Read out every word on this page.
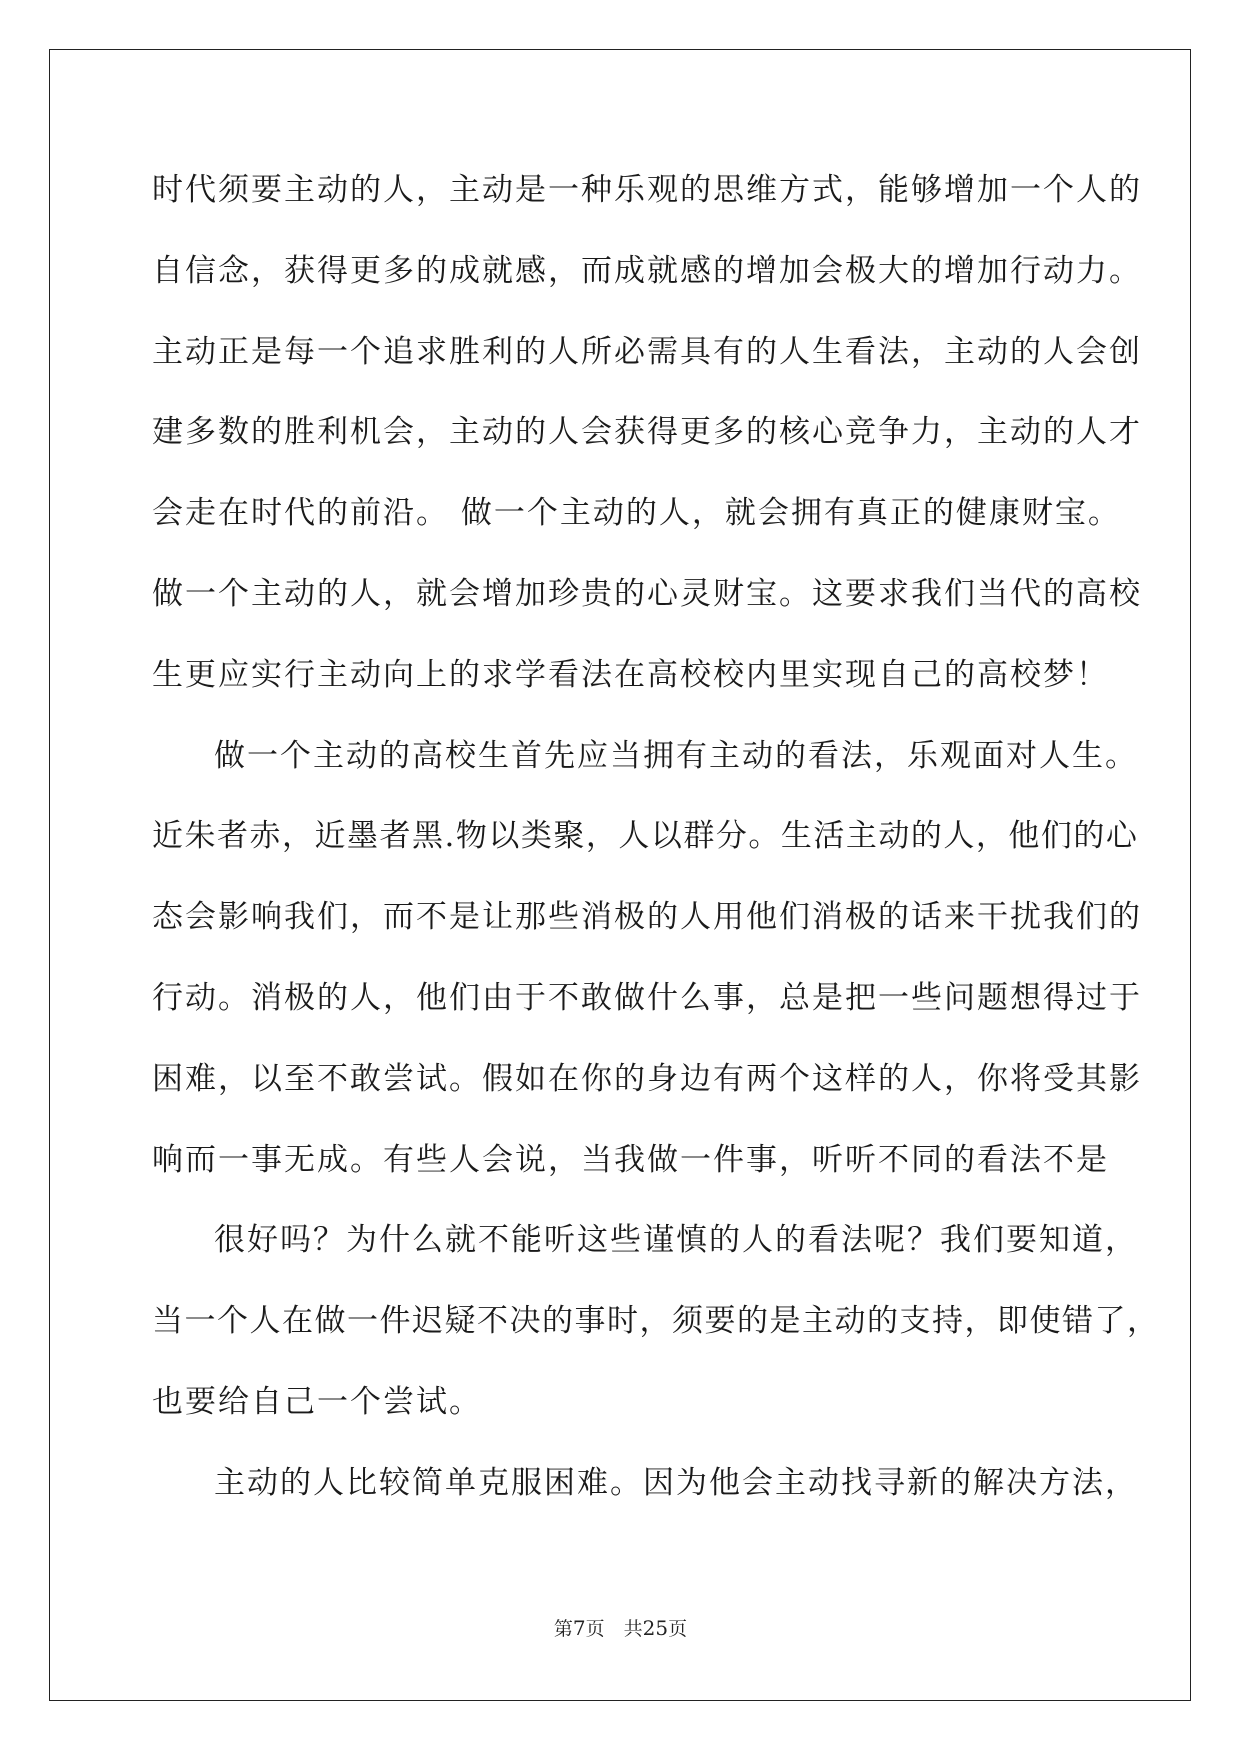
时代须要主动的人，主动是一种乐观的思维方式，能够增加一个人的
自信念，获得更多的成就感，而成就感的增加会极大的增加行动力。
主动正是每一个追求胜利的人所必需具有的人生看法，主动的人会创
建多数的胜利机会，主动的人会获得更多的核心竞争力，主动的人才
会走在时代的前沿。 做一个主动的人，就会拥有真正的健康财宝。
做一个主动的人，就会增加珍贵的心灵财宝。这要求我们当代的高校
生更应实行主动向上的求学看法在高校校内里实现自己的高校梦！
做一个主动的高校生首先应当拥有主动的看法，乐观面对人生。
近朱者赤，近墨者黑.物以类聚，人以群分。生活主动的人，他们的心
态会影响我们，而不是让那些消极的人用他们消极的话来干扰我们的
行动。消极的人，他们由于不敢做什么事，总是把一些问题想得过于
困难，以至不敢尝试。假如在你的身边有两个这样的人，你将受其影
响而一事无成。有些人会说，当我做一件事，听听不同的看法不是
很好吗？为什么就不能听这些谨慎的人的看法呢？我们要知道，
当一个人在做一件迟疑不决的事时，须要的是主动的支持，即使错了，
也要给自己一个尝试。
主动的人比较简单克服困难。因为他会主动找寻新的解决方法，
第7页　共25页
